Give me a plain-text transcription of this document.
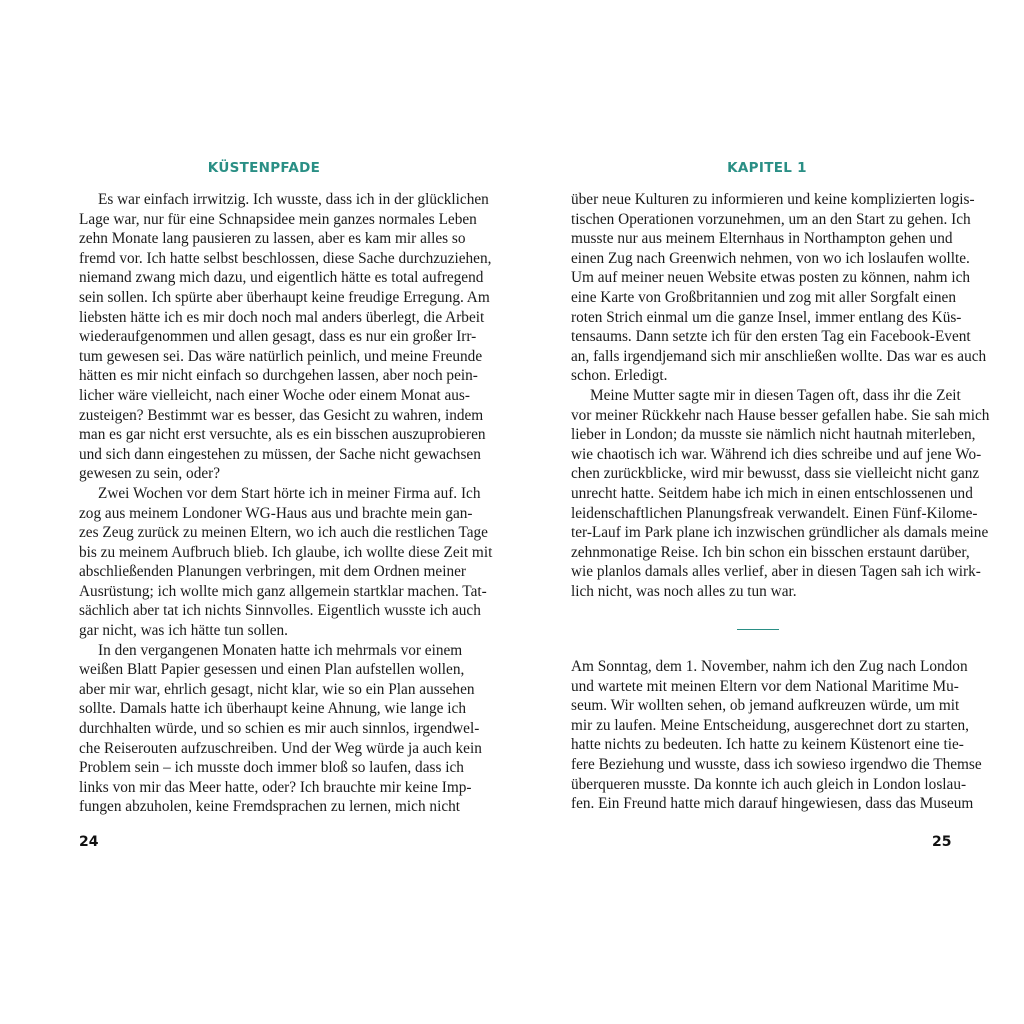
KÜSTENPFADE
Es war einfach irrwitzig. Ich wusste, dass ich in der glücklichen
Lage war, nur für eine Schnapsidee mein ganzes normales Leben
zehn Monate lang pausieren zu lassen, aber es kam mir alles so
fremd vor. Ich hatte selbst beschlossen, diese Sache durchzuziehen,
niemand zwang mich dazu, und eigentlich hätte es total aufregend
sein sollen. Ich spürte aber überhaupt keine freudige Erregung. Am
liebsten hätte ich es mir doch noch mal anders überlegt, die Arbeit
wiederaufgenommen und allen gesagt, dass es nur ein großer Irr-
tum gewesen sei. Das wäre natürlich peinlich, und meine Freunde
hätten es mir nicht einfach so durchgehen lassen, aber noch pein-
licher wäre vielleicht, nach einer Woche oder einem Monat aus-
zusteigen? Bestimmt war es besser, das Gesicht zu wahren, indem
man es gar nicht erst versuchte, als es ein bisschen auszuprobieren
und sich dann eingestehen zu müssen, der Sache nicht gewachsen
gewesen zu sein, oder?
Zwei Wochen vor dem Start hörte ich in meiner Firma auf. Ich
zog aus meinem Londoner WG-Haus aus und brachte mein gan-
zes Zeug zurück zu meinen Eltern, wo ich auch die restlichen Tage
bis zu meinem Aufbruch blieb. Ich glaube, ich wollte diese Zeit mit
abschließenden Planungen verbringen, mit dem Ordnen meiner
Ausrüstung; ich wollte mich ganz allgemein startklar machen. Tat-
sächlich aber tat ich nichts Sinnvolles. Eigentlich wusste ich auch
gar nicht, was ich hätte tun sollen.
In den vergangenen Monaten hatte ich mehrmals vor einem
weißen Blatt Papier gesessen und einen Plan aufstellen wollen,
aber mir war, ehrlich gesagt, nicht klar, wie so ein Plan aussehen
sollte. Damals hatte ich überhaupt keine Ahnung, wie lange ich
durchhalten würde, und so schien es mir auch sinnlos, irgendwel-
che Reiserouten aufzuschreiben. Und der Weg würde ja auch kein
Problem sein – ich musste doch immer bloß so laufen, dass ich
links von mir das Meer hatte, oder? Ich brauchte mir keine Imp-
fungen abzuholen, keine Fremdsprachen zu lernen, mich nicht
24
KAPITEL 1
über neue Kulturen zu informieren und keine komplizierten logis-
tischen Operationen vorzunehmen, um an den Start zu gehen. Ich
musste nur aus meinem Elternhaus in Northampton gehen und
einen Zug nach Greenwich nehmen, von wo ich loslaufen wollte.
Um auf meiner neuen Website etwas posten zu können, nahm ich
eine Karte von Großbritannien und zog mit aller Sorgfalt einen
roten Strich einmal um die ganze Insel, immer entlang des Küs-
tensaums. Dann setzte ich für den ersten Tag ein Facebook-Event
an, falls irgendjemand sich mir anschließen wollte. Das war es auch
schon. Erledigt.
Meine Mutter sagte mir in diesen Tagen oft, dass ihr die Zeit
vor meiner Rückkehr nach Hause besser gefallen habe. Sie sah mich
lieber in London; da musste sie nämlich nicht hautnah miterleben,
wie chaotisch ich war. Während ich dies schreibe und auf jene Wo-
chen zurückblicke, wird mir bewusst, dass sie vielleicht nicht ganz
unrecht hatte. Seitdem habe ich mich in einen entschlossenen und
leidenschaftlichen Planungsfreak verwandelt. Einen Fünf-Kilome-
ter-Lauf im Park plane ich inzwischen gründlicher als damals meine
zehnmonatige Reise. Ich bin schon ein bisschen erstaunt darüber,
wie planlos damals alles verlief, aber in diesen Tagen sah ich wirk-
lich nicht, was noch alles zu tun war.
Am Sonntag, dem 1. November, nahm ich den Zug nach London
und wartete mit meinen Eltern vor dem National Maritime Mu-
seum. Wir wollten sehen, ob jemand aufkreuzen würde, um mit
mir zu laufen. Meine Entscheidung, ausgerechnet dort zu starten,
hatte nichts zu bedeuten. Ich hatte zu keinem Küstenort eine tie-
fere Beziehung und wusste, dass ich sowieso irgendwo die Themse
überqueren musste. Da konnte ich auch gleich in London loslau-
fen. Ein Freund hatte mich darauf hingewiesen, dass das Museum
25
